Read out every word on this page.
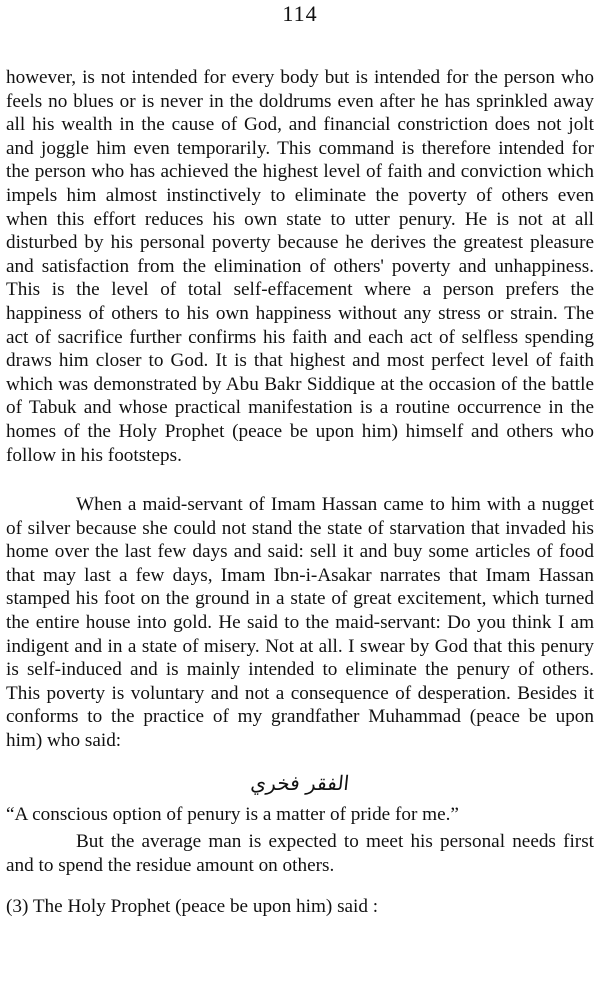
114

however, is not intended for every body but is intended for the person who feels no blues or is never in the doldrums even after he has sprinkled away all his wealth in the cause of God, and financial constriction does not jolt and joggle him even temporarily. This command is therefore intended for the person who has achieved the highest level of faith and conviction which impels him almost instinctively to eliminate the poverty of others even when this effort reduces his own state to utter penury. He is not at all disturbed by his personal poverty because he derives the greatest pleasure and satisfaction from the elimination of others' poverty and unhappiness. This is the level of total self-effacement where a person prefers the happiness of others to his own happiness without any stress or strain. The act of sacrifice further confirms his faith and each act of selfless spending draws him closer to God. It is that highest and most perfect level of faith which was demonstrated by Abu Bakr Siddique at the occasion of the battle of Tabuk and whose practical manifestation is a routine occurrence in the homes of the Holy Prophet (peace be upon him) himself and others who follow in his footsteps.

When a maid-servant of Imam Hassan came to him with a nugget of silver because she could not stand the state of starvation that invaded his home over the last few days and said: sell it and buy some articles of food that may last a few days, Imam Ibn-i-Asakar narrates that Imam Hassan stamped his foot on the ground in a state of great excitement, which turned the entire house into gold. He said to the maid-servant: Do you think I am indigent and in a state of misery. Not at all. I swear by God that this penury is self-induced and is mainly intended to eliminate the penury of others. This poverty is voluntary and not a consequence of desperation. Besides it conforms to the practice of my grandfather Muhammad (peace be upon him) who said:

الفقر فخري

“A conscious option of penury is a matter of pride for me.”

But the average man is expected to meet his personal needs first and to spend the residue amount on others.

(3) The Holy Prophet (peace be upon him) said :
